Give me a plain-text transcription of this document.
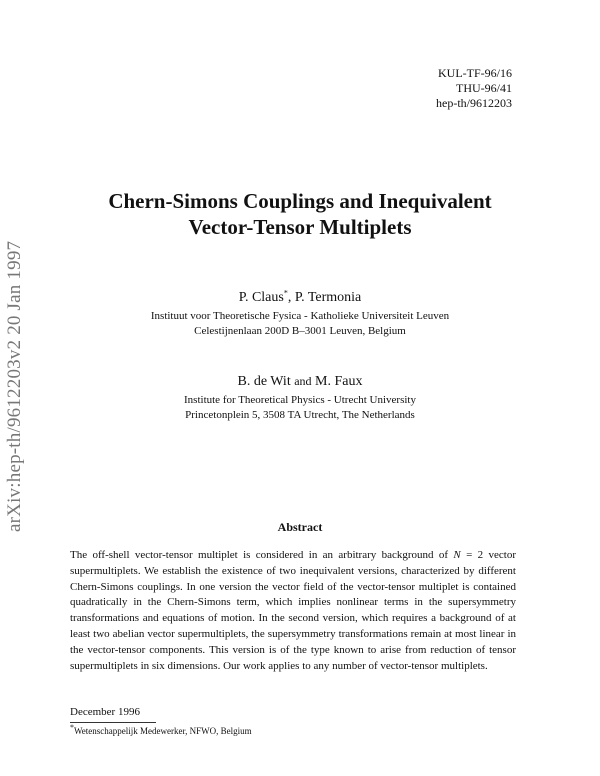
arXiv:hep-th/9612203v2 20 Jan 1997
KUL-TF-96/16
THU-96/41
hep-th/9612203
Chern-Simons Couplings and Inequivalent
Vector-Tensor Multiplets
P. Claus*, P. Termonia
Instituut voor Theoretische Fysica - Katholieke Universiteit Leuven
Celestijnenlaan 200D B–3001 Leuven, Belgium
B. de Wit and M. Faux
Institute for Theoretical Physics - Utrecht University
Princetonplein 5, 3508 TA Utrecht, The Netherlands
Abstract
The off-shell vector-tensor multiplet is considered in an arbitrary background of N = 2 vector supermultiplets. We establish the existence of two inequivalent versions, characterized by different Chern-Simons couplings. In one version the vector field of the vector-tensor multiplet is contained quadratically in the Chern-Simons term, which implies nonlinear terms in the supersymmetry transformations and equations of motion. In the second version, which requires a background of at least two abelian vector supermultiplets, the supersymmetry transformations remain at most linear in the vector-tensor components. This version is of the type known to arise from reduction of tensor supermultiplets in six dimensions. Our work applies to any number of vector-tensor multiplets.
December 1996
*Wetenschappelijk Medewerker, NFWO, Belgium
